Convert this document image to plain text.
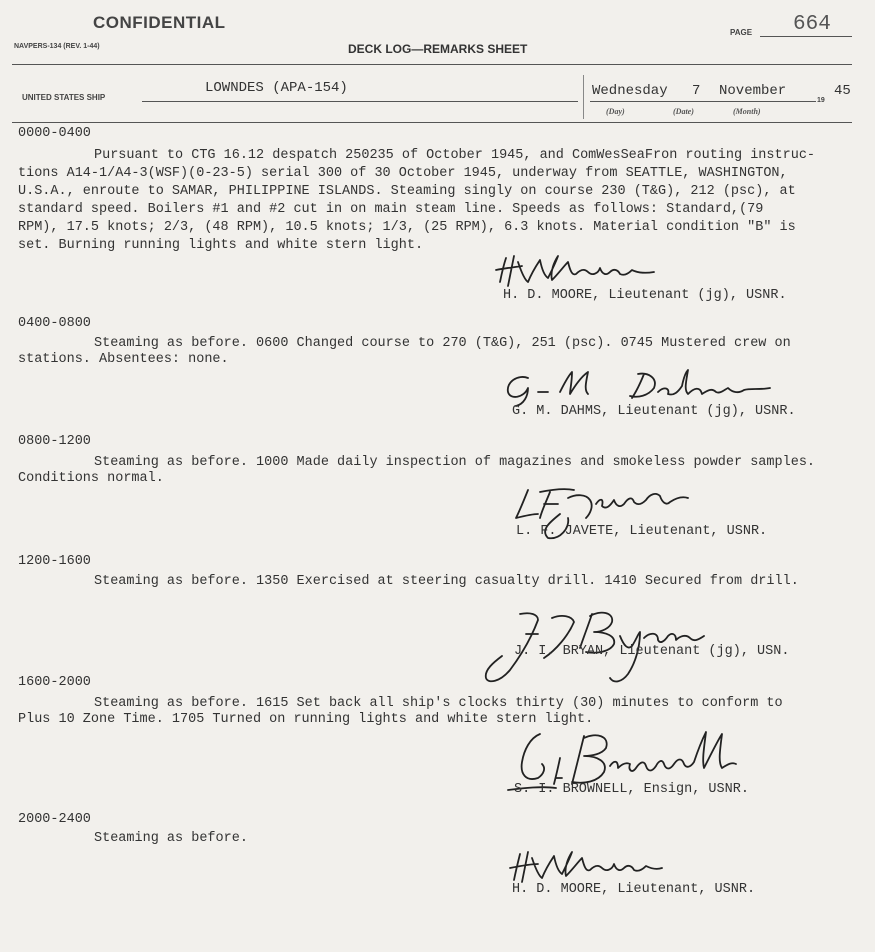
CONFIDENTIAL
NAVPERS-134 (REV. 1-44)	DECK LOG—REMARKS SHEET
PAGE 664
UNITED STATES SHIP
LOWNDES (APA-154)	Wednesday 7 November
19
45
(Day)	(Date)	(Month)
0000-0400
Pursuant to CTG 16.12 despatch 250235 of October 1945, and ComWesSeaFron routing instruc-
tions A14-1/A4-3(WSF)(0-23-5) serial 300 of 30 October 1945, underway from SEATTLE, WASHINGTON,
U.S.A., enroute to SAMAR, PHILIPPINE ISLANDS. Steaming singly on course 230 (T&G), 212 (psc), at
standard speed. Boilers #1 and #2 cut in on main steam line. Speeds as follows: Standard,(79
RPM), 17.5 knots; 2/3, (48 RPM), 10.5 knots; 1/3, (25 RPM), 6.3 knots. Material condition "B" is
set. Burning running lights and white stern light.
H. D. MOORE, Lieutenant (jg), USNR.
0400-0800
Steaming as before. 0600 Changed course to 270 (T&G), 251 (psc). 0745 Mustered crew on
stations. Absentees: none.
G. M. DAHMS, Lieutenant (jg), USNR.
0800-1200
Steaming as before. 1000 Made daily inspection of magazines and smokeless powder samples.
Conditions normal.
L. F. JAVETE, Lieutenant, USNR.
1200-1600
Steaming as before. 1350 Exercised at steering casualty drill. 1410 Secured from drill.
J. I. BRYAN, Lieutenant (jg), USN.
1600-2000
Steaming as before. 1615 Set back all ship's clocks thirty (30) minutes to conform to
Plus 10 Zone Time. 1705 Turned on running lights and white stern light.
S. I. BROWNELL, Ensign, USNR.
2000-2400
Steaming as before.
H. D. MOORE, Lieutenant, USNR.
